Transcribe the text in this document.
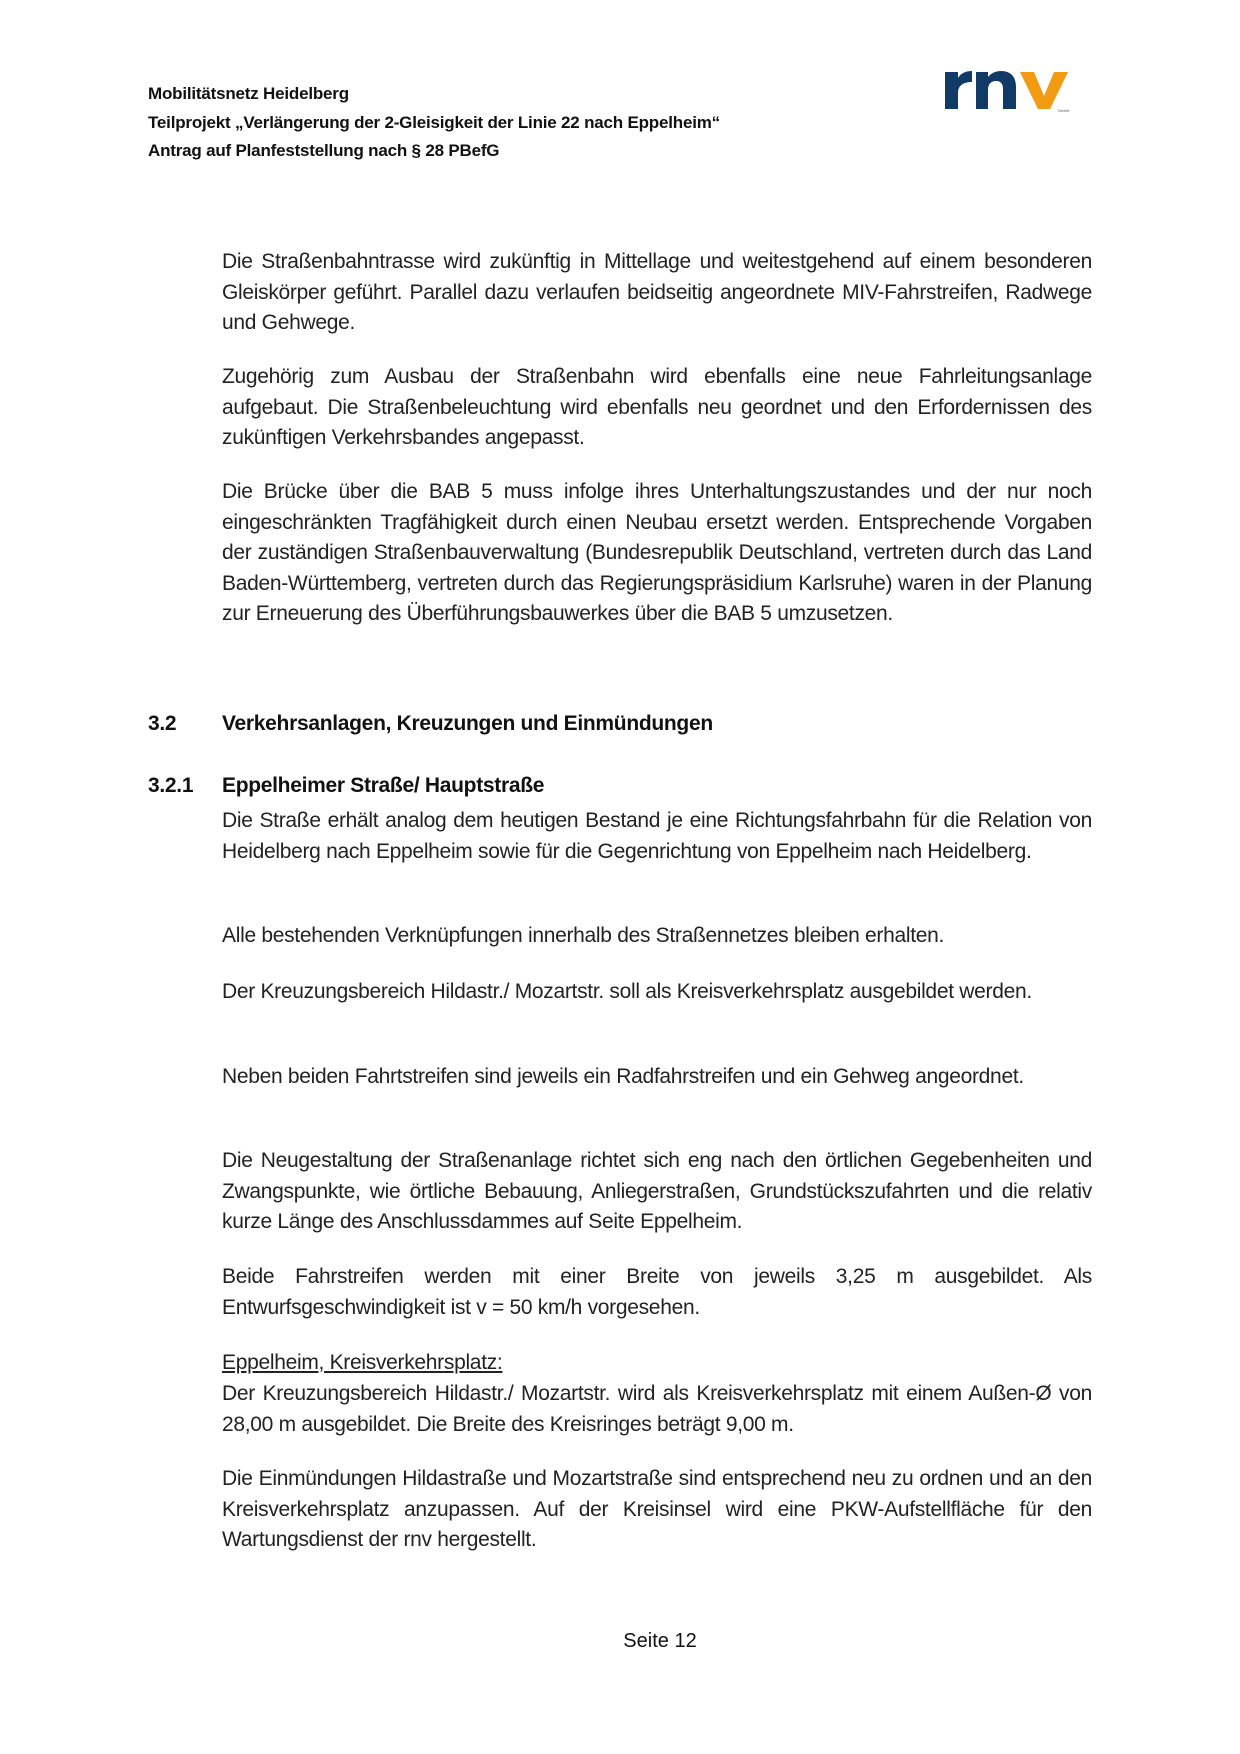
Mobilitätsnetz Heidelberg
Teilprojekt „Verlängerung der 2-Gleisigkeit der Linie 22 nach Eppelheim“
Antrag auf Planfeststellung nach § 28 PBefG
GmbH
Die Straßenbahntrasse wird zukünftig in Mittellage und weitestgehend auf einem besonderen Gleiskörper geführt. Parallel dazu verlaufen beidseitig angeordnete MIV-Fahrstreifen, Radwege und Gehwege.
Zugehörig zum Ausbau der Straßenbahn wird ebenfalls eine neue Fahrleitungsanlage aufgebaut. Die Straßenbeleuchtung wird ebenfalls neu geordnet und den Erfordernissen des zukünftigen Verkehrsbandes angepasst.
Die Brücke über die BAB 5 muss infolge ihres Unterhaltungszustandes und der nur noch eingeschränkten Tragfähigkeit durch einen Neubau ersetzt werden. Entsprechende Vorgaben der zuständigen Straßenbauverwaltung (Bundesrepublik Deutschland, vertreten durch das Land Baden-Württemberg, vertreten durch das Regierungspräsidium Karlsruhe) waren in der Planung zur Erneuerung des Überführungsbauwerkes über die BAB 5 umzusetzen.
3.2 Verkehrsanlagen, Kreuzungen und Einmündungen
3.2.1 Eppelheimer Straße/ Hauptstraße
Die Straße erhält analog dem heutigen Bestand je eine Richtungsfahrbahn für die Relation von Heidelberg nach Eppelheim sowie für die Gegenrichtung von Eppelheim nach Heidelberg.
Alle bestehenden Verknüpfungen innerhalb des Straßennetzes bleiben erhalten.
Der Kreuzungsbereich Hildastr./ Mozartstr. soll als Kreisverkehrsplatz ausgebildet werden.
Neben beiden Fahrtstreifen sind jeweils ein Radfahrstreifen und ein Gehweg angeordnet.
Die Neugestaltung der Straßenanlage richtet sich eng nach den örtlichen Gegebenheiten und Zwangspunkte, wie örtliche Bebauung, Anliegerstraßen, Grundstückszufahrten und die relativ kurze Länge des Anschlussdammes auf Seite Eppelheim.
Beide Fahrstreifen werden mit einer Breite von jeweils 3,25 m ausgebildet. Als Entwurfsgeschwindigkeit ist v = 50 km/h vorgesehen.
Eppelheim, Kreisverkehrsplatz:
Der Kreuzungsbereich Hildastr./ Mozartstr. wird als Kreisverkehrsplatz mit einem Außen-Ø von 28,00 m ausgebildet. Die Breite des Kreisringes beträgt 9,00 m.
Die Einmündungen Hildastraße und Mozartstraße sind entsprechend neu zu ordnen und an den Kreisverkehrsplatz anzupassen. Auf der Kreisinsel wird eine PKW-Aufstellfläche für den Wartungsdienst der rnv hergestellt.
Seite 12
